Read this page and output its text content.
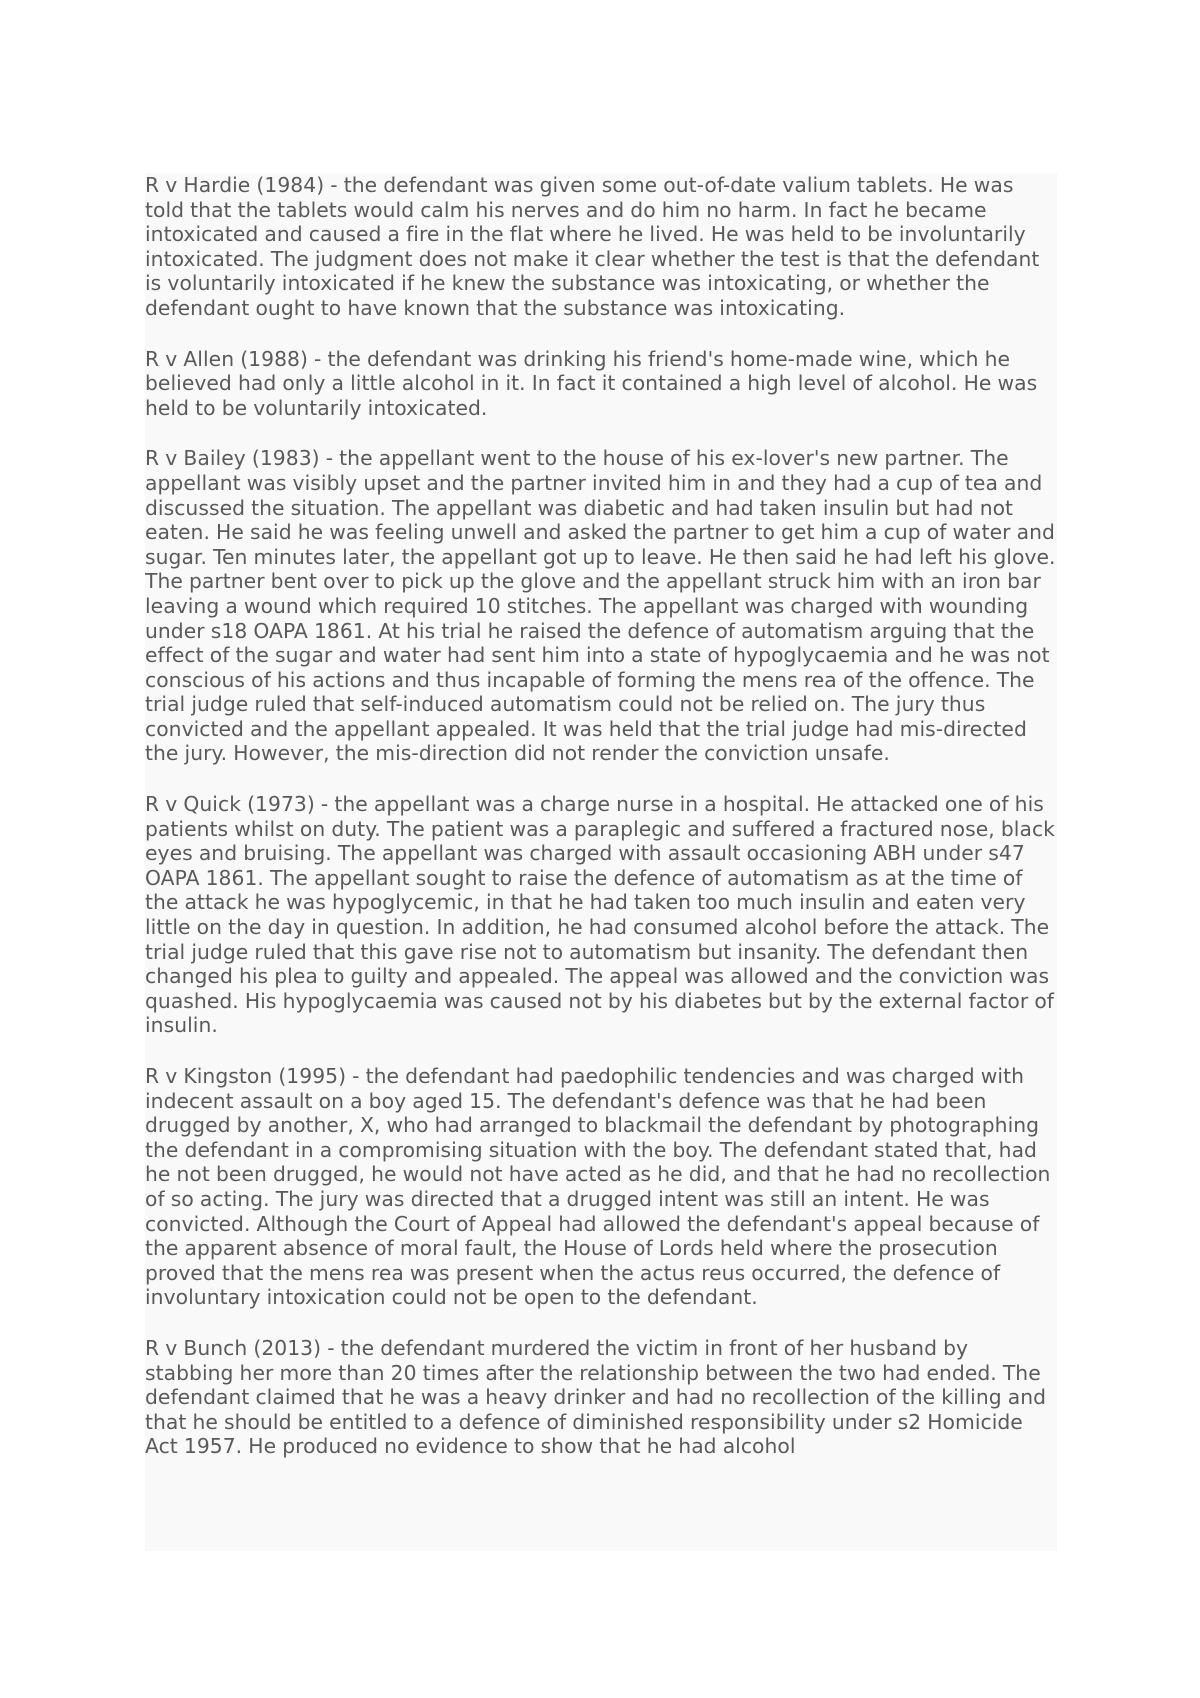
R v Hardie (1984) - the defendant was given some out-of-date valium tablets. He was told that the tablets would calm his nerves and do him no harm. In fact he became intoxicated and caused a fire in the flat where he lived. He was held to be involuntarily intoxicated. The judgment does not make it clear whether the test is that the defendant is voluntarily intoxicated if he knew the substance was intoxicating, or whether the defendant ought to have known that the substance was intoxicating.

R v Allen (1988) - the defendant was drinking his friend's home-made wine, which he believed had only a little alcohol in it. In fact it contained a high level of alcohol. He was held to be voluntarily intoxicated.

R v Bailey (1983) - the appellant went to the house of his ex-lover's new partner. The appellant was visibly upset and the partner invited him in and they had a cup of tea and discussed the situation. The appellant was diabetic and had taken insulin but had not eaten. He said he was feeling unwell and asked the partner to get him a cup of water and sugar. Ten minutes later, the appellant got up to leave. He then said he had left his glove. The partner bent over to pick up the glove and the appellant struck him with an iron bar leaving a wound which required 10 stitches. The appellant was charged with wounding under s18 OAPA 1861. At his trial he raised the defence of automatism arguing that the effect of the sugar and water had sent him into a state of hypoglycaemia and he was not conscious of his actions and thus incapable of forming the mens rea of the offence. The trial judge ruled that self-induced automatism could not be relied on. The jury thus convicted and the appellant appealed. It was held that the trial judge had mis-directed the jury. However, the mis-direction did not render the conviction unsafe.

R v Quick (1973) - the appellant was a charge nurse in a hospital. He attacked one of his patients whilst on duty. The patient was a paraplegic and suffered a fractured nose, black eyes and bruising. The appellant was charged with assault occasioning ABH under s47 OAPA 1861. The appellant sought to raise the defence of automatism as at the time of the attack he was hypoglycemic, in that he had taken too much insulin and eaten very little on the day in question. In addition, he had consumed alcohol before the attack. The trial judge ruled that this gave rise not to automatism but insanity. The defendant then changed his plea to guilty and appealed. The appeal was allowed and the conviction was quashed. His hypoglycaemia was caused not by his diabetes but by the external factor of insulin.

R v Kingston (1995) - the defendant had paedophilic tendencies and was charged with indecent assault on a boy aged 15. The defendant's defence was that he had been drugged by another, X, who had arranged to blackmail the defendant by photographing the defendant in a compromising situation with the boy. The defendant stated that, had he not been drugged, he would not have acted as he did, and that he had no recollection of so acting. The jury was directed that a drugged intent was still an intent. He was convicted. Although the Court of Appeal had allowed the defendant's appeal because of the apparent absence of moral fault, the House of Lords held where the prosecution proved that the mens rea was present when the actus reus occurred, the defence of involuntary intoxication could not be open to the defendant.

R v Bunch (2013) - the defendant murdered the victim in front of her husband by stabbing her more than 20 times after the relationship between the two had ended. The defendant claimed that he was a heavy drinker and had no recollection of the killing and that he should be entitled to a defence of diminished responsibility under s2 Homicide Act 1957. He produced no evidence to show that he had alcohol
